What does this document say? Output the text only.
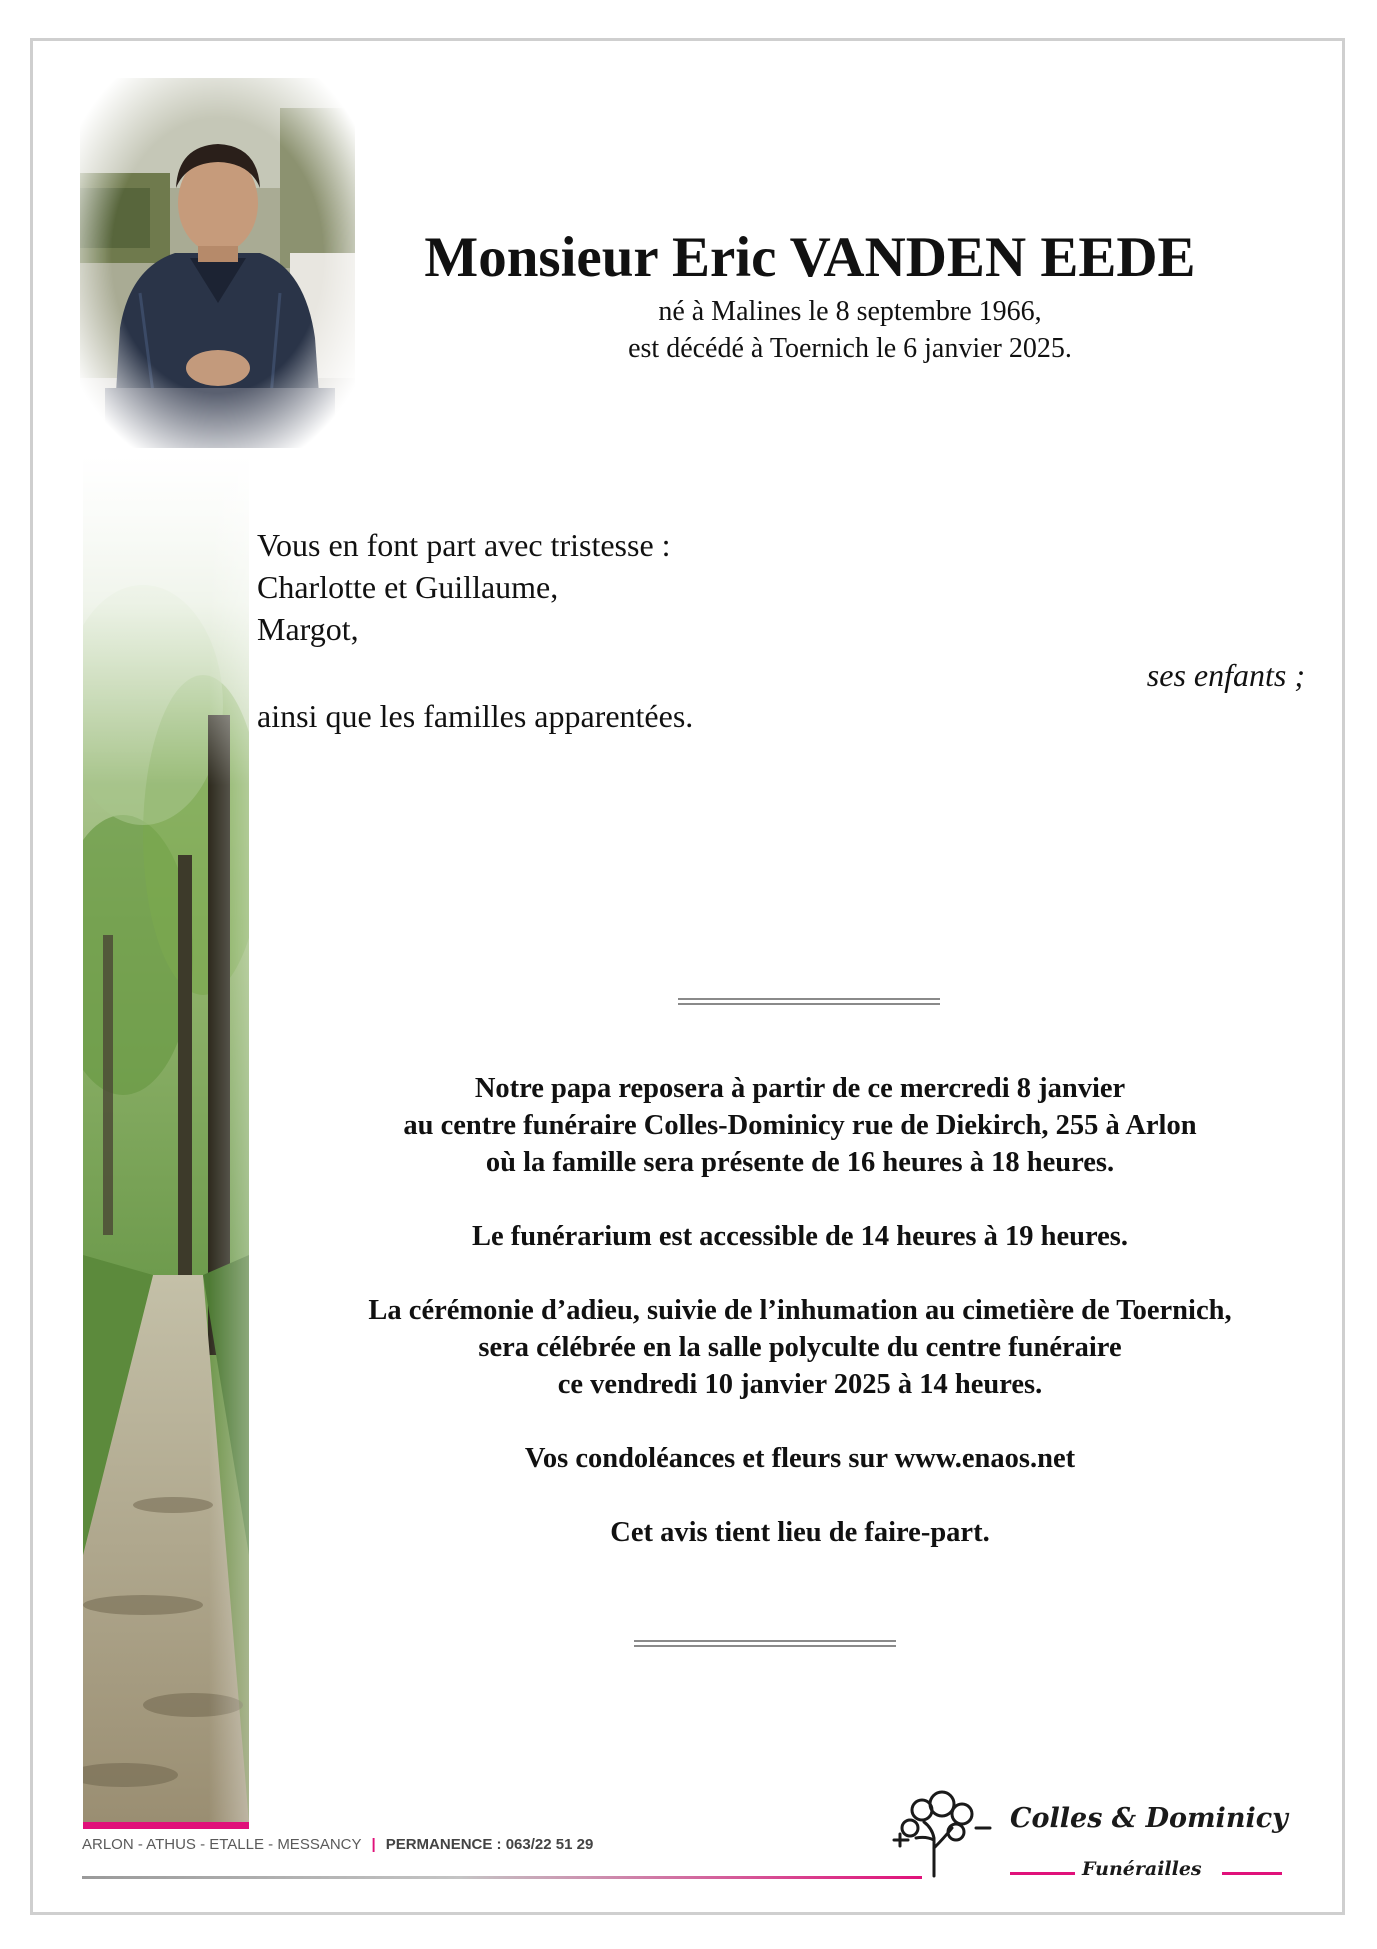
Monsieur Eric VANDEN EEDE
né à Malines le 8 septembre 1966,
est décédé à Toernich le 6 janvier 2025.
Vous en font part avec tristesse :
Charlotte et Guillaume,
Margot,
ses enfants ;
ainsi que les familles apparentées.
Notre papa reposera à partir de ce mercredi 8 janvier
au centre funéraire Colles-Dominicy rue de Diekirch, 255 à Arlon
où la famille sera présente de 16 heures à 18 heures.
Le funérarium est accessible de 14 heures à 19 heures.
La cérémonie d’adieu, suivie de l’inhumation au cimetière de Toernich,
sera célébrée en la salle polyculte du centre funéraire
ce vendredi 10 janvier 2025 à 14 heures.
Vos condoléances et fleurs sur www.enaos.net
Cet avis tient lieu de faire-part.
ARLON - ATHUS - ETALLE - MESSANCY | PERMANENCE : 063/22 51 29
Colles & Dominicy
Funérailles
